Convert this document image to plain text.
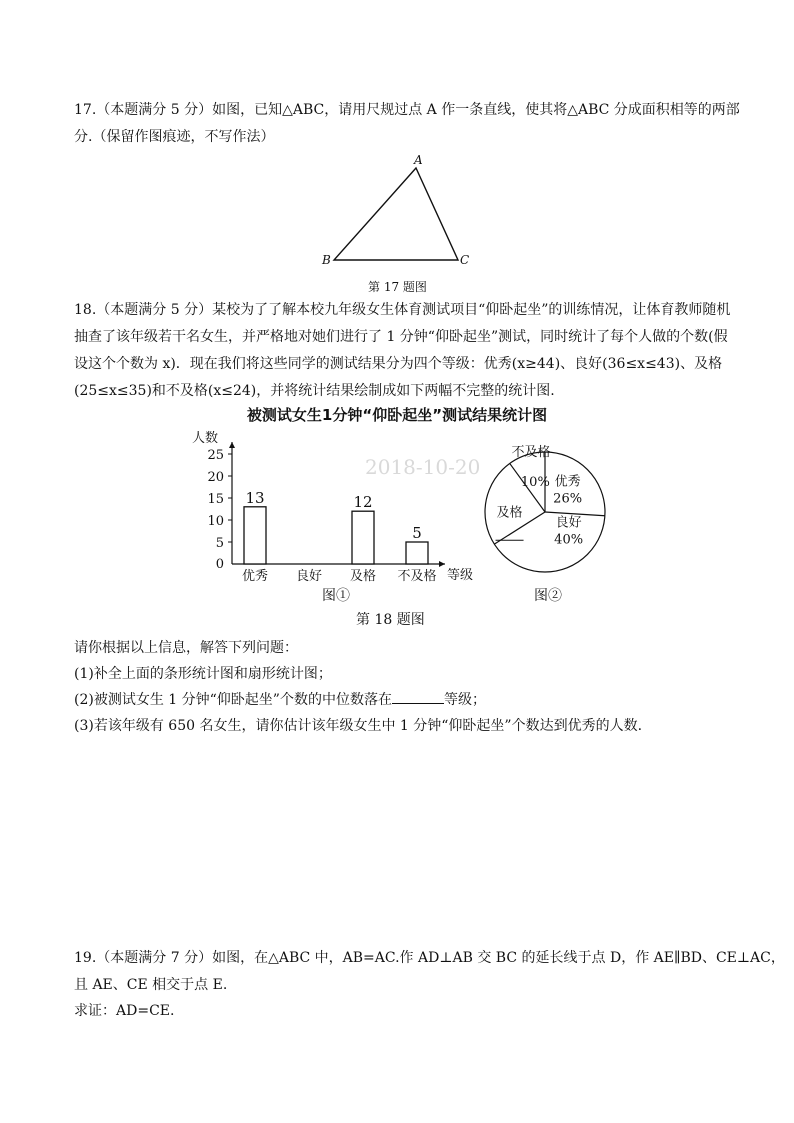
17.（本题满分 5 分）如图，已知△ABC，请用尺规过点 A 作一条直线，使其将△ABC 分成面积相等的两部
分.（保留作图痕迹，不写作法）
A
B	C
第 17 题图
18.（本题满分 5 分）某校为了了解本校九年级女生体育测试项目“仰卧起坐”的训练情况，让体育教师随机
抽查了该年级若干名女生，并严格地对她们进行了 1 分钟“仰卧起坐”测试，同时统计了每个人做的个数(假
设这个个数为 x)．现在我们将这些同学的测试结果分为四个等级：优秀(x≥44)、良好(36≤x≤43)、及格
(25≤x≤35)和不及格(x≤24)，并将统计结果绘制成如下两幅不完整的统计图.
被测试女生1分钟“仰卧起坐”测试结果统计图
2018-10-20
人数
等级
0
5
10
15
20
25
13
优秀 良好
12
及格
5
不及格
图①
优秀
26%
良好
40%
及格
不及格
10%
图②
第 18 题图
请你根据以上信息，解答下列问题：
(1)补全上面的条形统计图和扇形统计图；
(2)被测试女生 1 分钟“仰卧起坐”个数的中位数落在	等级；
(3)若该年级有 650 名女生，请你估计该年级女生中 1 分钟“仰卧起坐”个数达到优秀的人数.
19.（本题满分 7 分）如图，在△ABC 中，AB=AC.作 AD⊥AB 交 BC 的延长线于点 D，作 AE∥BD、CE⊥AC，
且 AE、CE 相交于点 E.
求证：AD=CE.
